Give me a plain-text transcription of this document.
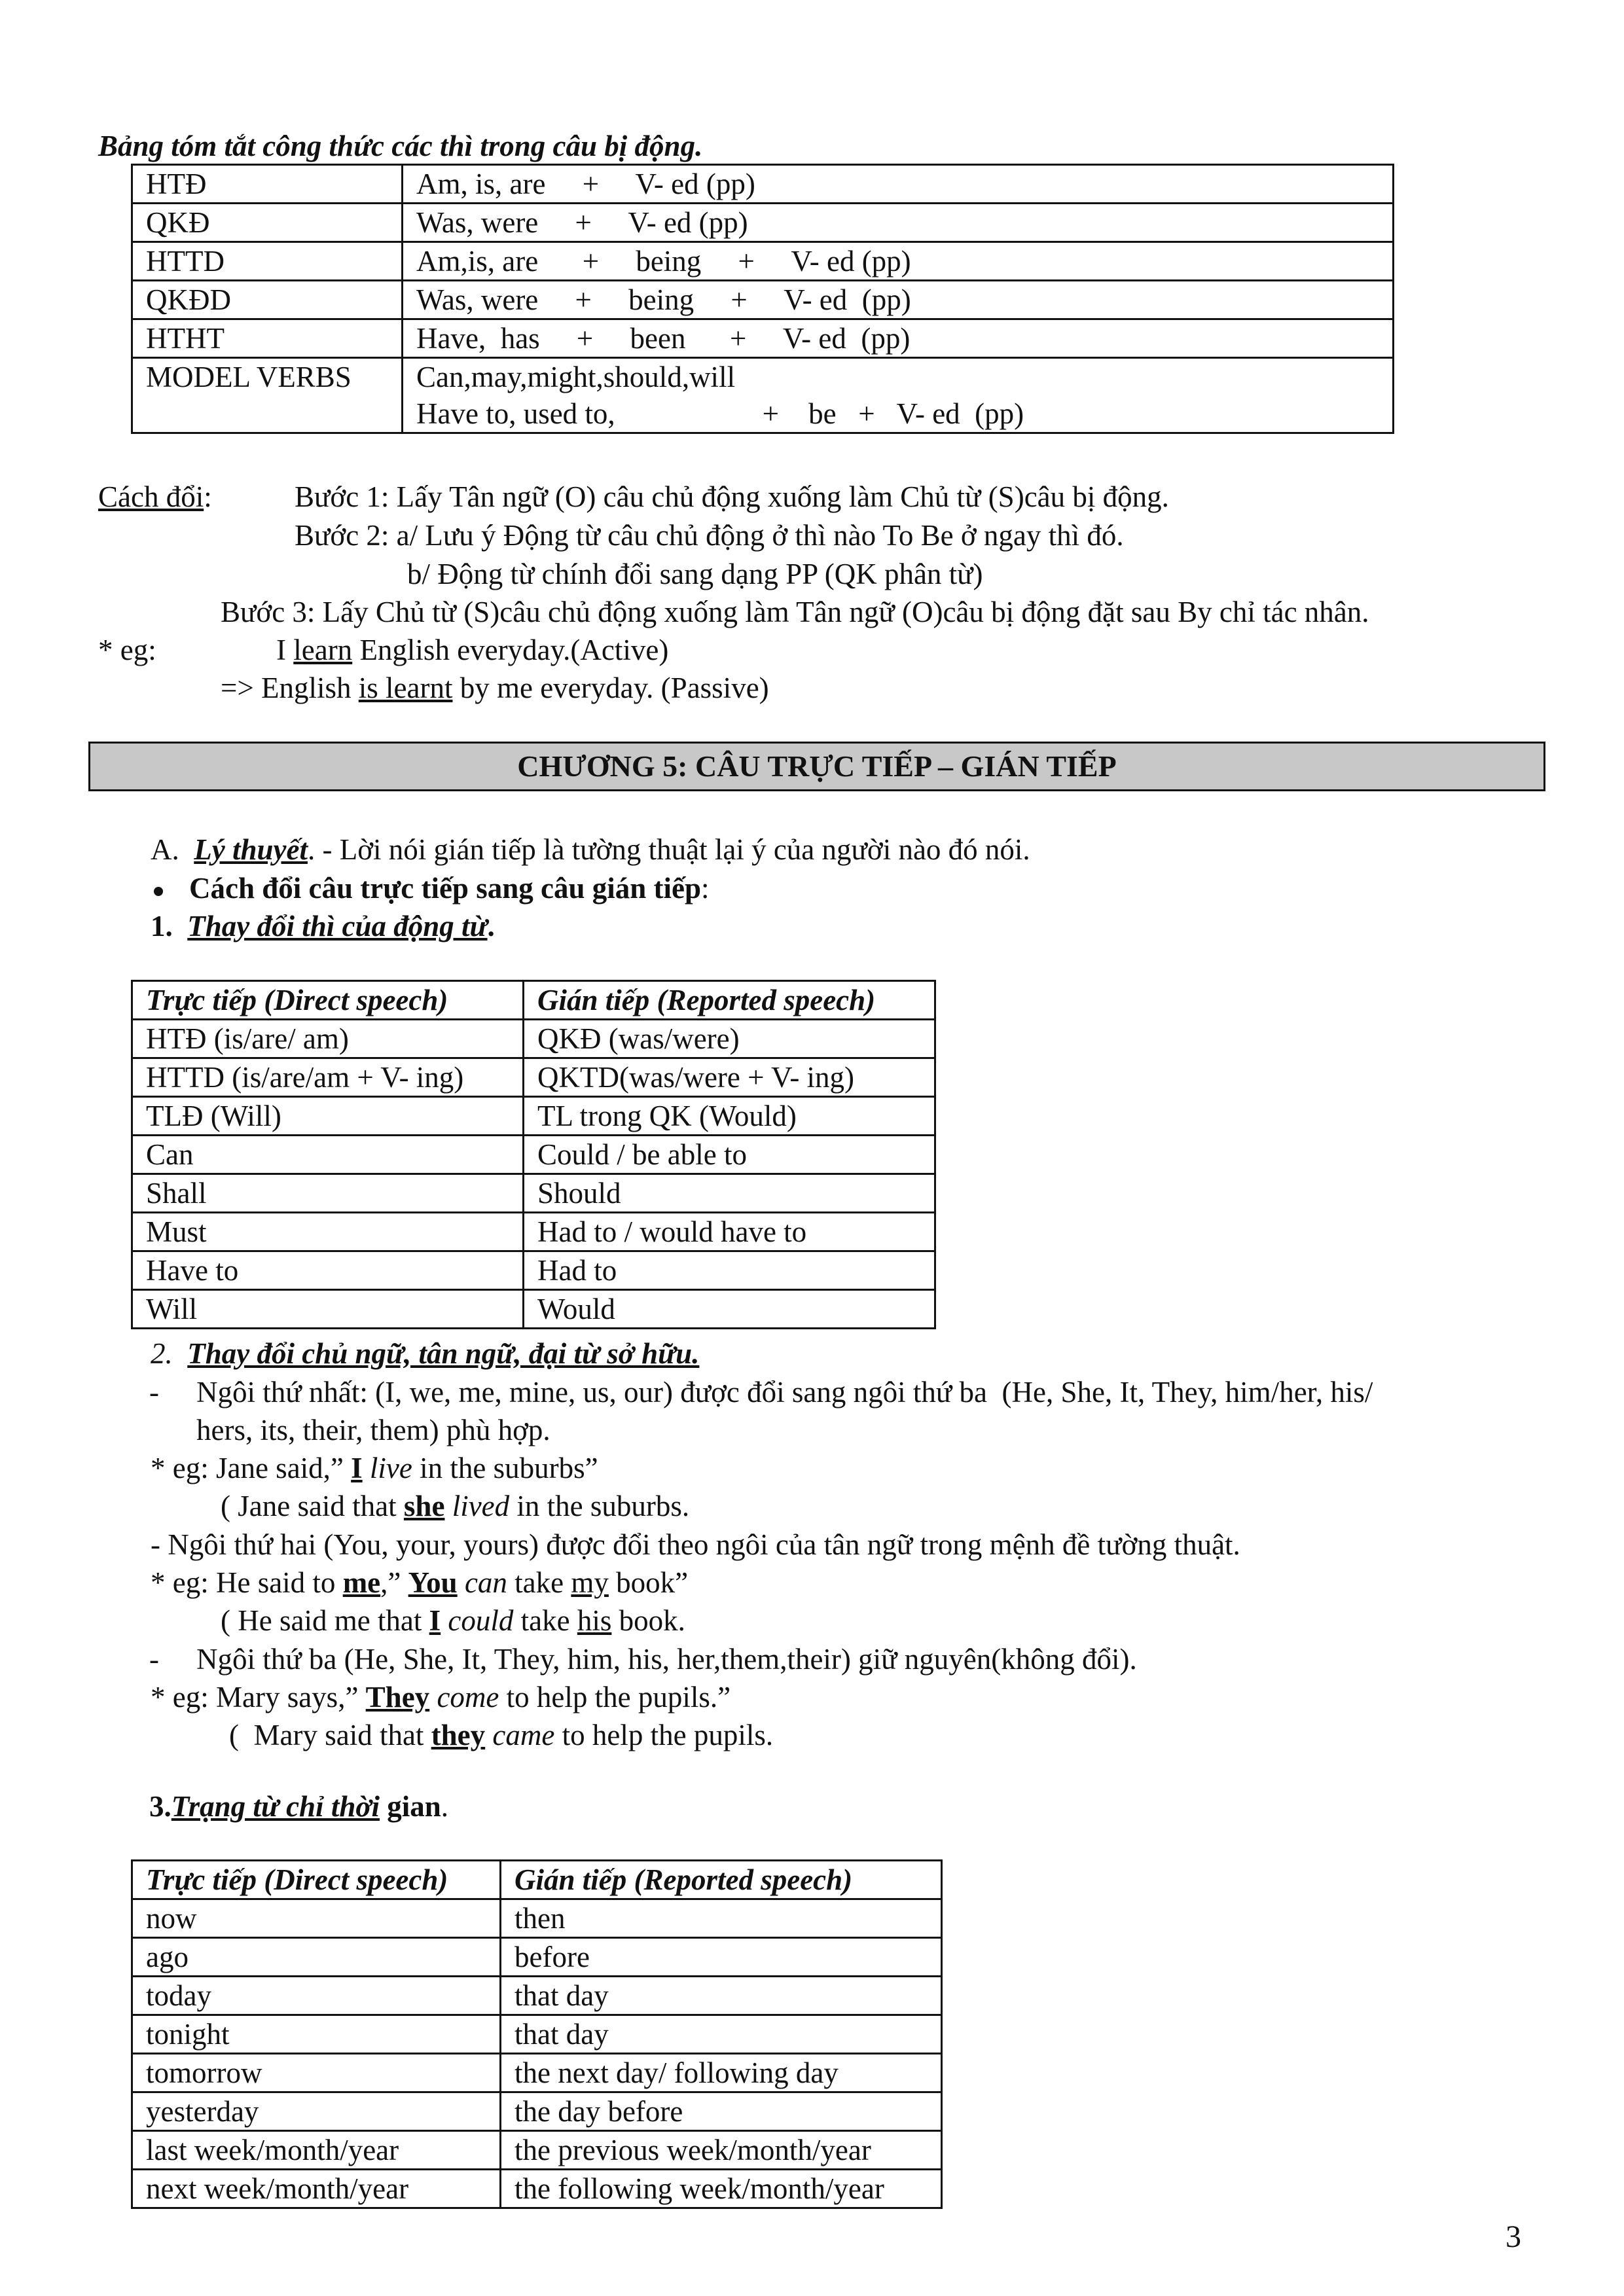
Bảng tóm tắt công thức các thì trong câu bị động.
HTĐ	Am, is, are     +     V- ed (pp)
QKĐ	Was, were     +     V- ed (pp)
HTTD	Am,is, are      +     being     +     V- ed (pp)
QKĐD	Was, were     +     being     +     V- ed  (pp)
HTHT	Have,  has     +     been      +     V- ed  (pp)
MODEL VERBS	Can,may,might,should,will
Have to, used to,                    +    be   +   V- ed  (pp)
Cách đổi:	Bước 1: Lấy Tân ngữ (O) câu chủ động xuống làm Chủ từ (S)câu bị động.
Bước 2: a/ Lưu ý Động từ câu chủ động ở thì nào To Be ở ngay thì đó.
b/ Động từ chính đổi sang dạng PP (QK phân từ)
Bước 3: Lấy Chủ từ (S)câu chủ động xuống làm Tân ngữ (O)câu bị động đặt sau By chỉ tác nhân.
* eg:	I learn English everyday.(Active)
=> English is learnt by me everyday. (Passive)
CHƯƠNG 5: CÂU TRỰC TIẾP – GIÁN TIẾP
A. Lý thuyết. - Lời nói gián tiếp là tường thuật lại ý của người nào đó nói.
Cách đổi câu trực tiếp sang câu gián tiếp:
1. Thay đổi thì của động từ.
Trực tiếp (Direct speech)	Gián tiếp (Reported speech)
HTĐ (is/are/ am)	QKĐ (was/were)
HTTD (is/are/am + V- ing)	QKTD(was/were + V- ing)
TLĐ (Will)	TL trong QK (Would)
Can	Could / be able to
Shall	Should
Must	Had to / would have to
Have to	Had to
Will	Would
2. Thay đổi chủ ngữ, tân ngữ, đại từ sở hữu.
- Ngôi thứ nhất: (I, we, me, mine, us, our) được đổi sang ngôi thứ ba  (He, She, It, They, him/her, his/
hers, its, their, them) phù hợp.
* eg: Jane said,” I live in the suburbs”
( Jane said that she lived in the suburbs.
- Ngôi thứ hai (You, your, yours) được đổi theo ngôi của tân ngữ trong mệnh đề tường thuật.
* eg: He said to me,” You can take my book”
( He said me that I could take his book.
- Ngôi thứ ba (He, She, It, They, him, his, her,them,their) giữ nguyên(không đổi).
* eg: Mary says,” They come to help the pupils.”
(  Mary said that they came to help the pupils.
3.Trạng từ chỉ thời gian.
Trực tiếp (Direct speech)	Gián tiếp (Reported speech)
now	then
ago	before
today	that day
tonight	that day
tomorrow	the next day/ following day
yesterday	the day before
last week/month/year	the previous week/month/year
next week/month/year	the following week/month/year
3
